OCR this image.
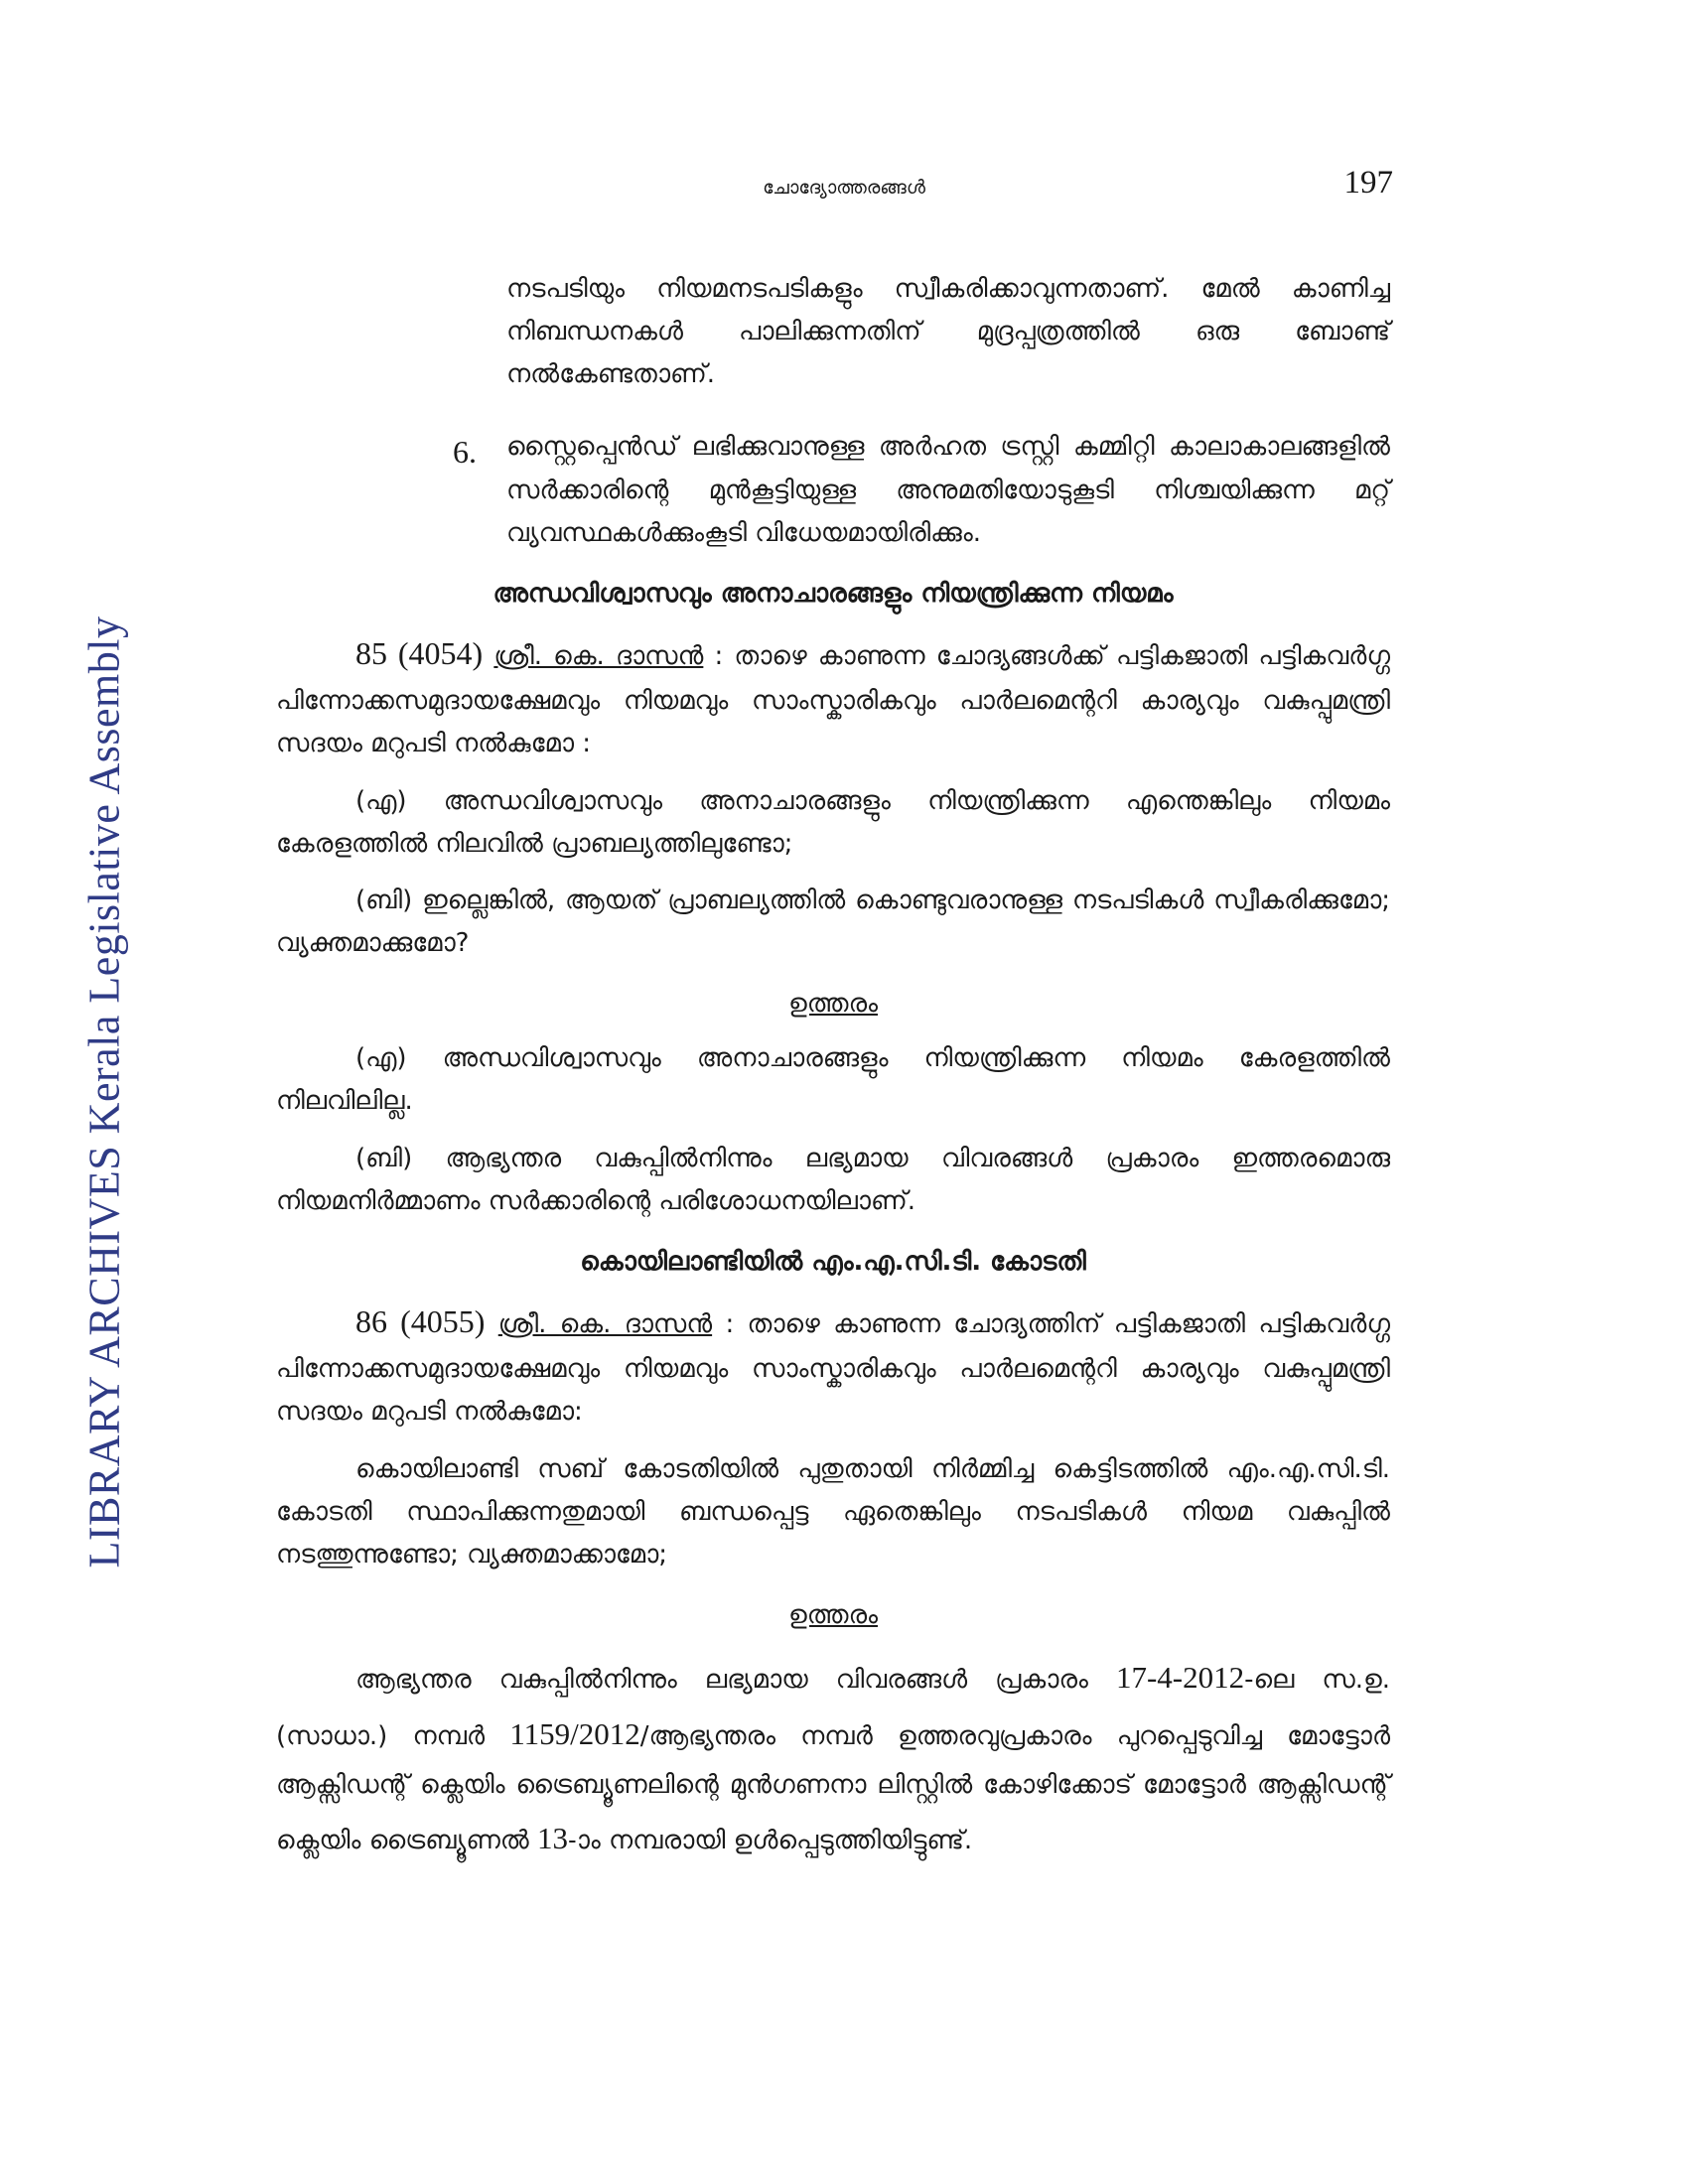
LIBRARY ARCHIVES Kerala Legislative Assembly
ചോദ്യോത്തരങ്ങൾ	197

നടപടിയും നിയമനടപടികളും സ്വീകരിക്കാവുന്നതാണ്. മേൽ കാണിച്ച നിബന്ധനകൾ പാലിക്കുന്നതിന് മുദ്രപ്പത്രത്തിൽ ഒരു ബോണ്ട് നൽകേണ്ടതാണ്.

6.	സ്റ്റൈപ്പെൻഡ് ലഭിക്കുവാനുള്ള അർഹത ട്രസ്റ്റി കമ്മിറ്റി കാലാകാലങ്ങളിൽ സർക്കാരിന്റെ മുൻകൂട്ടിയുള്ള അനുമതിയോടുകൂടി നിശ്ചയിക്കുന്ന മറ്റ് വ്യവസ്ഥകൾക്കുംകൂടി വിധേയമായിരിക്കും.

അന്ധവിശ്വാസവും അനാചാരങ്ങളും നിയന്ത്രിക്കുന്ന നിയമം

85 (4054) ശ്രീ. കെ. ദാസൻ : താഴെ കാണുന്ന ചോദ്യങ്ങൾക്ക് പട്ടികജാതി പട്ടികവർഗ്ഗ പിന്നോക്കസമുദായക്ഷേമവും നിയമവും സാംസ്കാരികവും പാർലമെന്ററി കാര്യവും വകുപ്പുമന്ത്രി സദയം മറുപടി നൽകുമോ :

(എ) അന്ധവിശ്വാസവും അനാചാരങ്ങളും നിയന്ത്രിക്കുന്ന എന്തെങ്കിലും നിയമം കേരളത്തിൽ നിലവിൽ പ്രാബല്യത്തിലുണ്ടോ;

(ബി) ഇല്ലെങ്കിൽ, ആയത് പ്രാബല്യത്തിൽ കൊണ്ടുവരാനുള്ള നടപടികൾ സ്വീകരിക്കുമോ; വ്യക്തമാക്കുമോ?

ഉത്തരം

(എ) അന്ധവിശ്വാസവും അനാചാരങ്ങളും നിയന്ത്രിക്കുന്ന നിയമം കേരളത്തിൽ നിലവിലില്ല.

(ബി) ആഭ്യന്തര വകുപ്പിൽനിന്നും ലഭ്യമായ വിവരങ്ങൾ പ്രകാരം ഇത്തരമൊരു നിയമനിർമ്മാണം സർക്കാരിന്റെ പരിശോധനയിലാണ്.

കൊയിലാണ്ടിയിൽ എം.എ.സി.ടി. കോടതി

86 (4055) ശ്രീ. കെ. ദാസൻ : താഴെ കാണുന്ന ചോദ്യത്തിന് പട്ടികജാതി പട്ടികവർഗ്ഗ പിന്നോക്കസമുദായക്ഷേമവും നിയമവും സാംസ്കാരികവും പാർലമെന്ററി കാര്യവും വകുപ്പുമന്ത്രി സദയം മറുപടി നൽകുമോ:

കൊയിലാണ്ടി സബ് കോടതിയിൽ പുതുതായി നിർമ്മിച്ച കെട്ടിടത്തിൽ എം.എ.സി.ടി. കോടതി സ്ഥാപിക്കുന്നതുമായി ബന്ധപ്പെട്ട ഏതെങ്കിലും നടപടികൾ നിയമ വകുപ്പിൽ നടത്തുന്നുണ്ടോ; വ്യക്തമാക്കാമോ;

ഉത്തരം

ആഭ്യന്തര വകുപ്പിൽനിന്നും ലഭ്യമായ വിവരങ്ങൾ പ്രകാരം 17-4-2012-ലെ സ.ഉ. (സാധാ.) നമ്പർ 1159/2012/ആഭ്യന്തരം നമ്പർ ഉത്തരവുപ്രകാരം പുറപ്പെടുവിച്ച മോട്ടോർ ആക്സിഡന്റ് ക്ലെയിം ട്രൈബ്യൂണലിന്റെ മുൻഗണനാ ലിസ്റ്റിൽ കോഴിക്കോട് മോട്ടോർ ആക്സിഡന്റ് ക്ലെയിം ട്രൈബ്യൂണൽ 13-ാം നമ്പരായി ഉൾപ്പെടുത്തിയിട്ടുണ്ട്.
